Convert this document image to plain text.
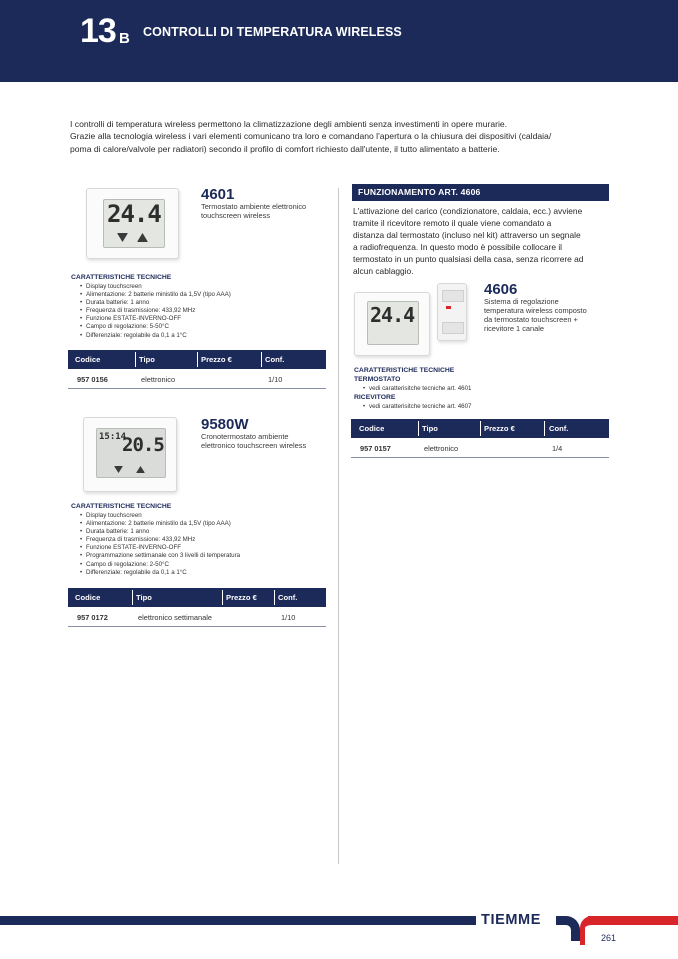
13 B CONTROLLI DI TEMPERATURA WIRELESS
I controlli di temperatura wireless permettono la climatizzazione degli ambienti senza investimenti in opere murarie.
Grazie alla tecnologia wireless i vari elementi comunicano tra loro e comandano l'apertura o la chiusura dei dispositivi (caldaia/
poma di calore/valvole per radiatori) secondo il profilo di comfort richiesto dall'utente, il tutto alimentato a batterie.
24.4
4601
Termostato ambiente elettronico
touchscreen wireless
CARATTERISTICHE TECNICHE
• Display touchscreen
• Alimentazione: 2 batterie ministilo da 1,5V (tipo AAA)
• Durata batterie: 1 anno
• Frequenza di trasmissione: 433,92 MHz
• Funzione ESTATE-INVERNO-OFF
• Campo di regolazione: 5-50°C
• Differenziale: regolabile da 0,1 a 1°C
Codice	Tipo	Prezzo €	Conf.
957 0156	elettronico	1/10
15:14
20.5
9580W
Cronotermostato ambiente
elettronico touchscreen wireless
CARATTERISTICHE TECNICHE
• Display touchscreen
• Alimentazione: 2 batterie ministilo da 1,5V (tipo AAA)
• Durata batterie: 1 anno
• Frequenza di trasmissione: 433,92 MHz
• Funzione ESTATE-INVERNO-OFF
• Programmazione settimanale con 3 livelli di temperatura
• Campo di regolazione: 2-50°C
• Differenziale: regolabile da 0,1 a 1°C
Codice	Tipo	Prezzo €	Conf.
957 0172	elettronico settimanale	1/10
FUNZIONAMENTO ART. 4606
L'attivazione del carico (condizionatore, caldaia, ecc.) avviene
tramite il ricevitore remoto il quale viene comandato a
distanza dal termostato (incluso nel kit) attraverso un segnale
a radiofrequenza. In questo modo è possibile collocare il
termostato in un punto qualsiasi della casa, senza ricorrere ad
alcun cablaggio.
24.4
4606
Sistema di regolazione
temperatura wireless composto
da termostato touchscreen +
ricevitore 1 canale
CARATTERISTICHE TECNICHE
TERMOSTATO
• vedi caratterisitche tecniche art. 4601
RICEVITORE
• vedi caratterisitche tecniche art. 4607
Codice	Tipo	Prezzo €	Conf.
957 0157	elettronico	1/4
TIEMME
261
